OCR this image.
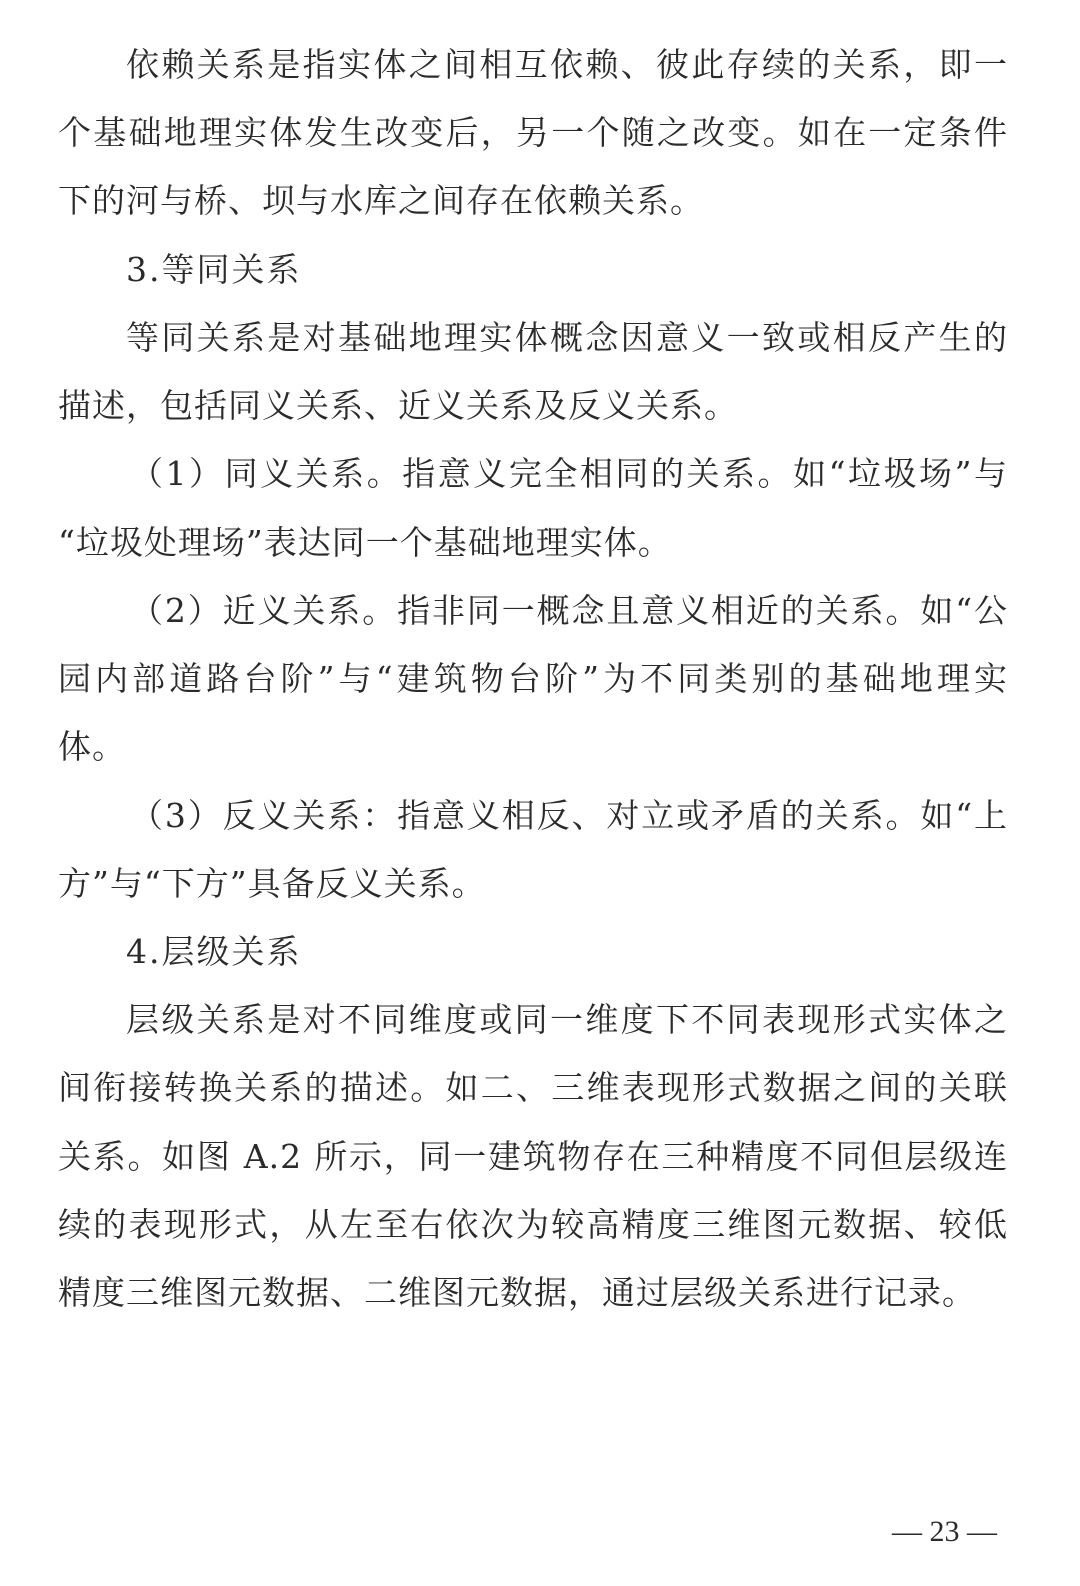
依赖关系是指实体之间相互依赖、彼此存续的关系，即一
个基础地理实体发生改变后，另一个随之改变。如在一定条件
下的河与桥、坝与水库之间存在依赖关系。
3.等同关系
等同关系是对基础地理实体概念因意义一致或相反产生的
描述，包括同义关系、近义关系及反义关系。
（1）同义关系。指意义完全相同的关系。如“垃圾场”与
“垃圾处理场”表达同一个基础地理实体。
（2）近义关系。指非同一概念且意义相近的关系。如“公
园内部道路台阶”与“建筑物台阶”为不同类别的基础地理实
体。
（3）反义关系：指意义相反、对立或矛盾的关系。如“上
方”与“下方”具备反义关系。
4.层级关系
层级关系是对不同维度或同一维度下不同表现形式实体之
间衔接转换关系的描述。如二、三维表现形式数据之间的关联
关系。如图 A.2 所示，同一建筑物存在三种精度不同但层级连
续的表现形式，从左至右依次为较高精度三维图元数据、较低
精度三维图元数据、二维图元数据，通过层级关系进行记录。
— 23 —
